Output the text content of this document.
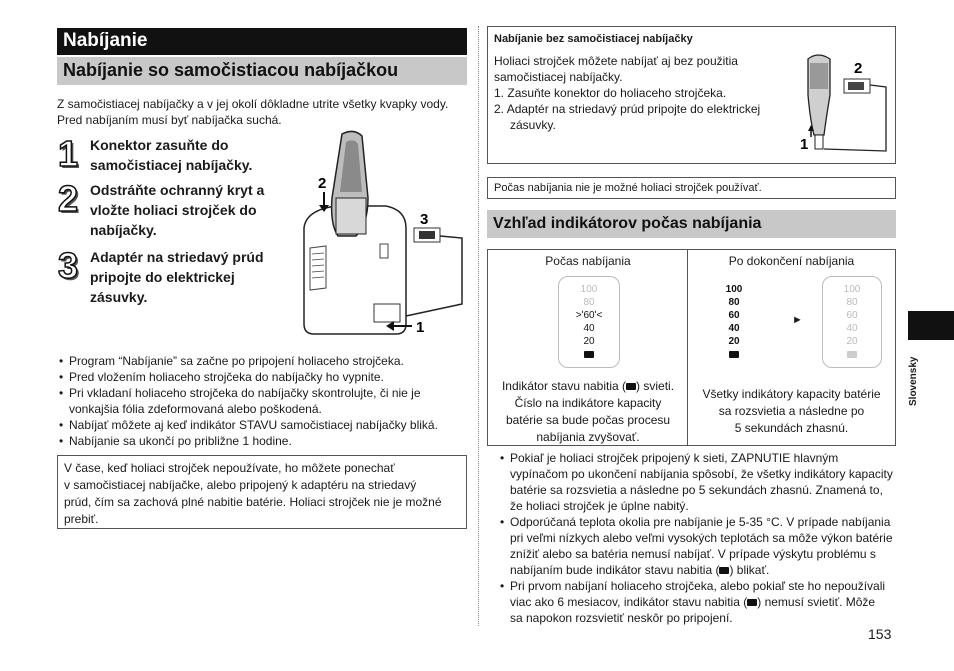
Nabíjanie
Nabíjanie so samočistiacou nabíjačkou
Z samočistiacej nabíjačky a v jej okolí dôkladne utrite všetky kvapky vody.
Pred nabíjaním musí byť nabíjačka suchá.
1 Konektor zasuňte do
samočistiacej nabíjačky.
2 Odstráňte ochranný kryt a
vložte holiaci strojček do
nabíjačky.
3 Adaptér na striedavý prúd
pripojte do elektrickej
zásuvky.
2
3
1
• Program “Nabíjanie” sa začne po pripojení holiaceho strojčeka.
• Pred vložením holiaceho strojčeka do nabíjačky ho vypnite.
• Pri vkladaní holiaceho strojčeka do nabíjačky skontrolujte, či nie je
vonkajšia fólia zdeformovaná alebo poškodená.
• Nabíjať môžete aj keď indikátor STAVU samočistiacej nabíjačky bliká.
• Nabíjanie sa ukončí po približne 1 hodine.
V čase, keď holiaci strojček nepoužívate, ho môžete ponechať
v samočistiacej nabíjačke, alebo pripojený k adaptéru na striedavý
prúd, čím sa zachová plné nabitie batérie. Holiaci strojček nie je možné
prebiť.
Nabíjanie bez samočistiacej nabíjačky
Holiaci strojček môžete nabíjať aj bez použitia
samočistiacej nabíjačky.
1. Zasuňte konektor do holiaceho strojčeka.
2. Adaptér na striedavý prúd pripojte do elektrickej
zásuvky.
2
1
Počas nabíjania nie je možné holiaci strojček používať.
Vzhľad indikátorov počas nabíjania
Počas nabíjania
100
80
>ʹ60ʹ<
40
20
Indikátor stavu nabitia ( ) svieti.
Číslo na indikátore kapacity
batérie sa bude počas procesu
nabíjania zvyšovať.
Po dokončení nabíjania
100
80
60
40
20
►
100
80
60
40
20
Všetky indikátory kapacity batérie
sa rozsvietia a následne po
5 sekundách zhasnú.
• Pokiaľ je holiaci strojček pripojený k sieti, ZAPNUTIE hlavným
vypínačom po ukončení nabíjania spôsobí, že všetky indikátory kapacity
batérie sa rozsvietia a následne po 5 sekundách zhasnú. Znamená to,
že holiaci strojček je úplne nabitý.
• Odporúčaná teplota okolia pre nabíjanie je 5-35 °C. V prípade nabíjania
pri veľmi nízkych alebo veľmi vysokých teplotách sa môže výkon batérie
znížiť alebo sa batéria nemusí nabíjať. V prípade výskytu problému s
nabíjaním bude indikátor stavu nabitia ( ) blikať.
• Pri prvom nabíjaní holiaceho strojčeka, alebo pokiaľ ste ho nepoužívali
viac ako 6 mesiacov, indikátor stavu nabitia ( ) nemusí svietiť. Môže
sa napokon rozsvietiť neskôr po pripojení.
Slovensky
153
